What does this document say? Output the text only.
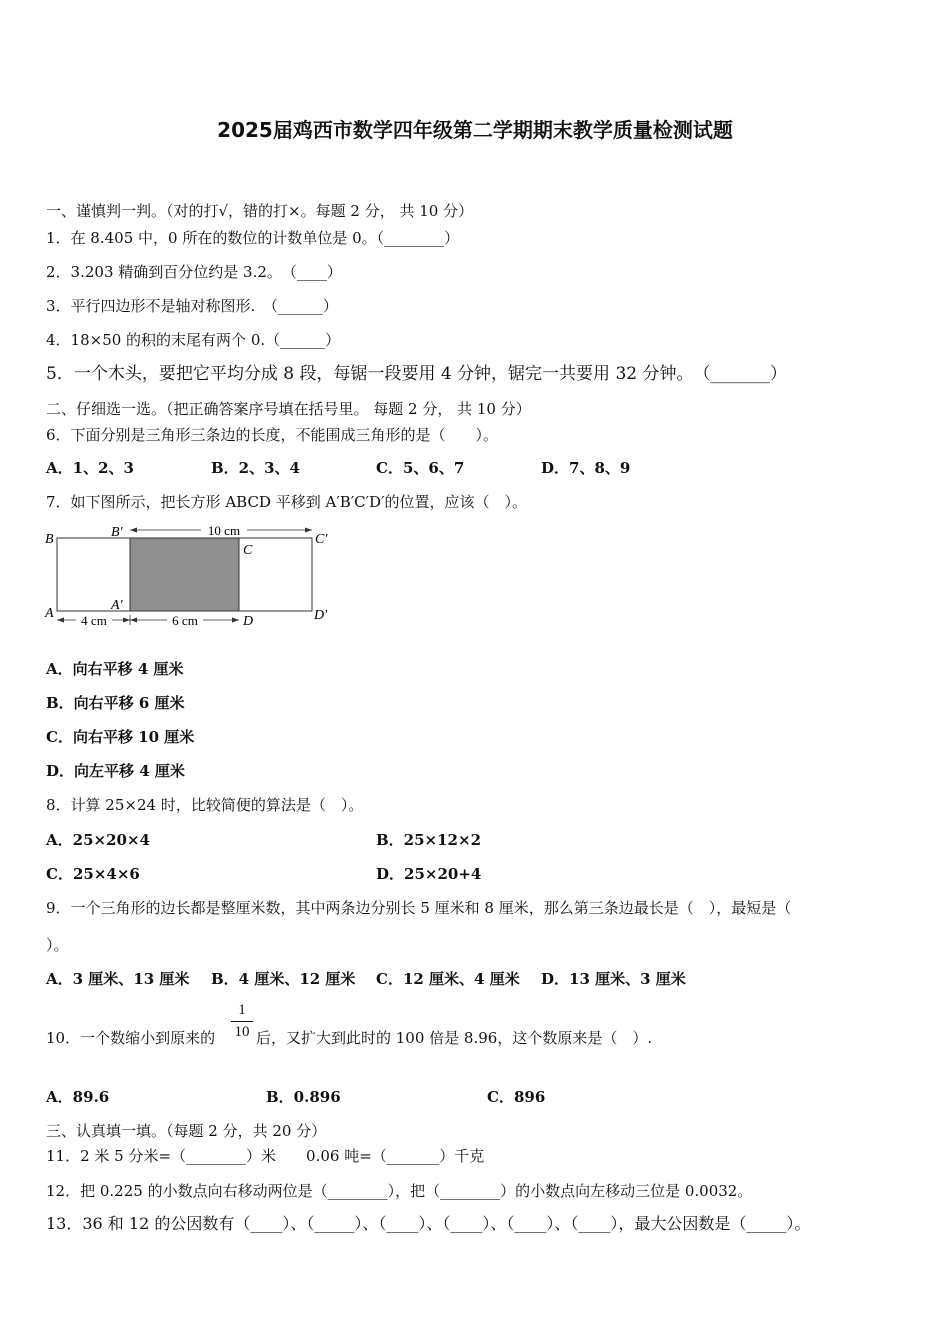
2025届鸡西市数学四年级第二学期期末教学质量检测试题
一、谨慎判一判。（对的打√，错的打×。每题 2 分， 共 10 分）
1．在 8.405 中，0 所在的数位的计数单位是 0。（________）
2．3.203 精确到百分位约是 3.2。　（____）
3．平行四边形不是轴对称图形.　（______）
4．18×50 的积的末尾有两个 0.（______）
5．一个木头，要把它平均分成 8 段，每锯一段要用 4 分钟，锯完一共要用 32 分钟。　（_______）
二、仔细选一选。（把正确答案序号填在括号里。 每题 2 分， 共 10 分）
6．下面分别是三角形三条边的长度，不能围成三角形的是（　　）。
A．1、2、3	B．2、3、4	C．5、6、7	D．7、8、9
7．如下图所示，把长方形 ABCD 平移到 A′B′C′D′的位置，应该（　）。
10 cm
4 cm	6 cm
B	B′
C
C′
A
A′
D	D′
A．向右平移 4 厘米
B．向右平移 6 厘米
C．向右平移 10 厘米
D．向左平移 4 厘米
8．计算 25×24 时，比较简便的算法是（　）。
A．25×20×4	B．25×12×2
C．25×4×6	D．25×20+4
9．一个三角形的边长都是整厘米数，其中两条边分别长 5 厘米和 8 厘米，那么第三条边最长是（　），最短是（
）。
A．3 厘米、13 厘米 B．4 厘米、12 厘米 C．12 厘米、4 厘米 D．13 厘米、3 厘米
10．一个数缩小到原来的
1
10 后，又扩大到此时的 100 倍是 8.96，这个数原来是（　）.
A．89.6	B．0.896	C．896
三、认真填一填。（每题 2 分，共 20 分）
11．2 米 5 分米=（________）米　　0.06 吨=（_______）千克
12．把 0.225 的小数点向右移动两位是（________），把（________）的小数点向左移动三位是 0.0032。
13．36 和 12 的公因数有（____）、（_____）、（____）、（____）、（____）、（____），最大公因数是（_____）。
